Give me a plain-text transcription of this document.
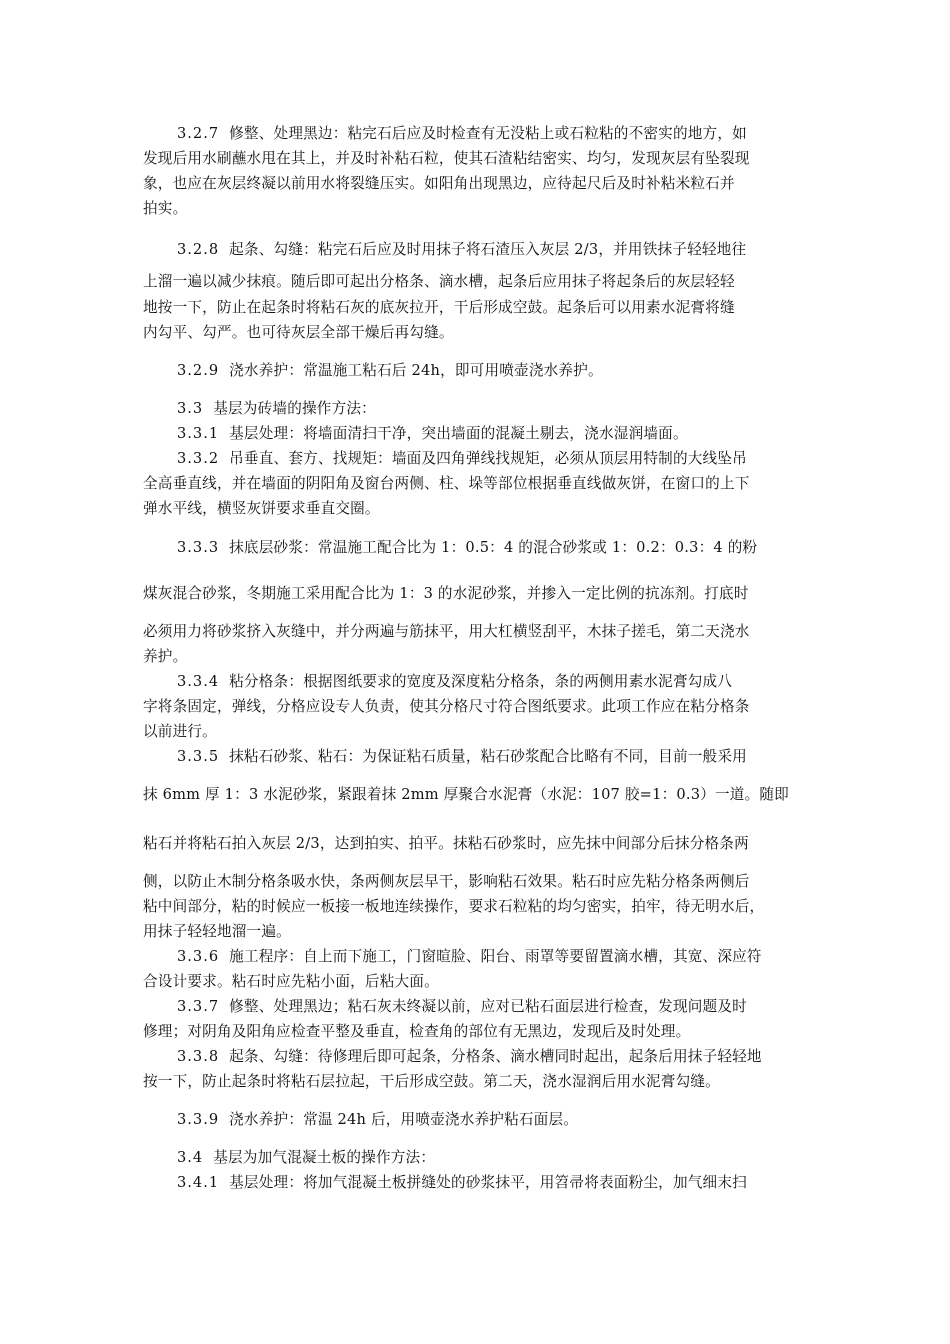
3.2.7 修整、处理黑边：粘完石后应及时检查有无没粘上或石粒粘的不密实的地方，如
发现后用水刷蘸水甩在其上，并及时补粘石粒，使其石渣粘结密实、均匀，发现灰层有坠裂现
象，也应在灰层终凝以前用水将裂缝压实。如阳角出现黑边，应待起尺后及时补粘米粒石并
拍实。
3.2.8 起条、勾缝：粘完石后应及时用抹子将石渣压入灰层 2/3，并用铁抹子轻轻地往
上溜一遍以减少抹痕。随后即可起出分格条、滴水槽，起条后应用抹子将起条后的灰层轻轻
地按一下，防止在起条时将粘石灰的底灰拉开，干后形成空鼓。起条后可以用素水泥膏将缝
内勾平、勾严。也可待灰层全部干燥后再勾缝。
3.2.9 浇水养护：常温施工粘石后 24h，即可用喷壶浇水养护。
3.3 基层为砖墙的操作方法：
3.3.1 基层处理：将墙面清扫干净，突出墙面的混凝土剔去，浇水湿润墙面。
3.3.2 吊垂直、套方、找规矩：墙面及四角弹线找规矩，必须从顶层用特制的大线坠吊
全高垂直线，并在墙面的阴阳角及窗台两侧、柱、垛等部位根据垂直线做灰饼，在窗口的上下
弹水平线，横竖灰饼要求垂直交圈。
3.3.3 抹底层砂浆：常温施工配合比为 1：0.5：4 的混合砂浆或 1：0.2：0.3：4 的粉
煤灰混合砂浆，冬期施工采用配合比为 1：3 的水泥砂浆，并掺入一定比例的抗冻剂。打底时
必须用力将砂浆挤入灰缝中，并分两遍与筋抹平，用大杠横竖刮平，木抹子搓毛，第二天浇水
养护。
3.3.4 粘分格条：根据图纸要求的宽度及深度粘分格条，条的两侧用素水泥膏勾成八
字将条固定，弹线，分格应设专人负责，使其分格尺寸符合图纸要求。此项工作应在粘分格条
以前进行。
3.3.5 抹粘石砂浆、粘石：为保证粘石质量，粘石砂浆配合比略有不同，目前一般采用
抹 6mm 厚 1：3 水泥砂浆，紧跟着抹 2mm 厚聚合水泥膏（水泥：107 胶=1：0.3）一道。随即
粘石并将粘石拍入灰层 2/3，达到拍实、拍平。抹粘石砂浆时，应先抹中间部分后抹分格条两
侧，以防止木制分格条吸水快，条两侧灰层早干，影响粘石效果。粘石时应先粘分格条两侧后
粘中间部分，粘的时候应一板接一板地连续操作，要求石粒粘的均匀密实，拍牢，待无明水后，
用抹子轻轻地溜一遍。
3.3.6 施工程序：自上而下施工，门窗暄脸、阳台、雨罩等要留置滴水槽，其宽、深应符
合设计要求。粘石时应先粘小面，后粘大面。
3.3.7 修整、处理黑边；粘石灰未终凝以前，应对已粘石面层进行检查，发现问题及时
修理；对阴角及阳角应检查平整及垂直，检查角的部位有无黑边，发现后及时处理。
3.3.8 起条、勾缝：待修理后即可起条，分格条、滴水槽同时起出，起条后用抹子轻轻地
按一下，防止起条时将粘石层拉起，干后形成空鼓。第二天，浇水湿润后用水泥膏勾缝。
3.3.9 浇水养护：常温 24h 后，用喷壶浇水养护粘石面层。
3.4 基层为加气混凝土板的操作方法：
3.4.1 基层处理：将加气混凝土板拼缝处的砂浆抹平，用笤帚将表面粉尘，加气细末扫
